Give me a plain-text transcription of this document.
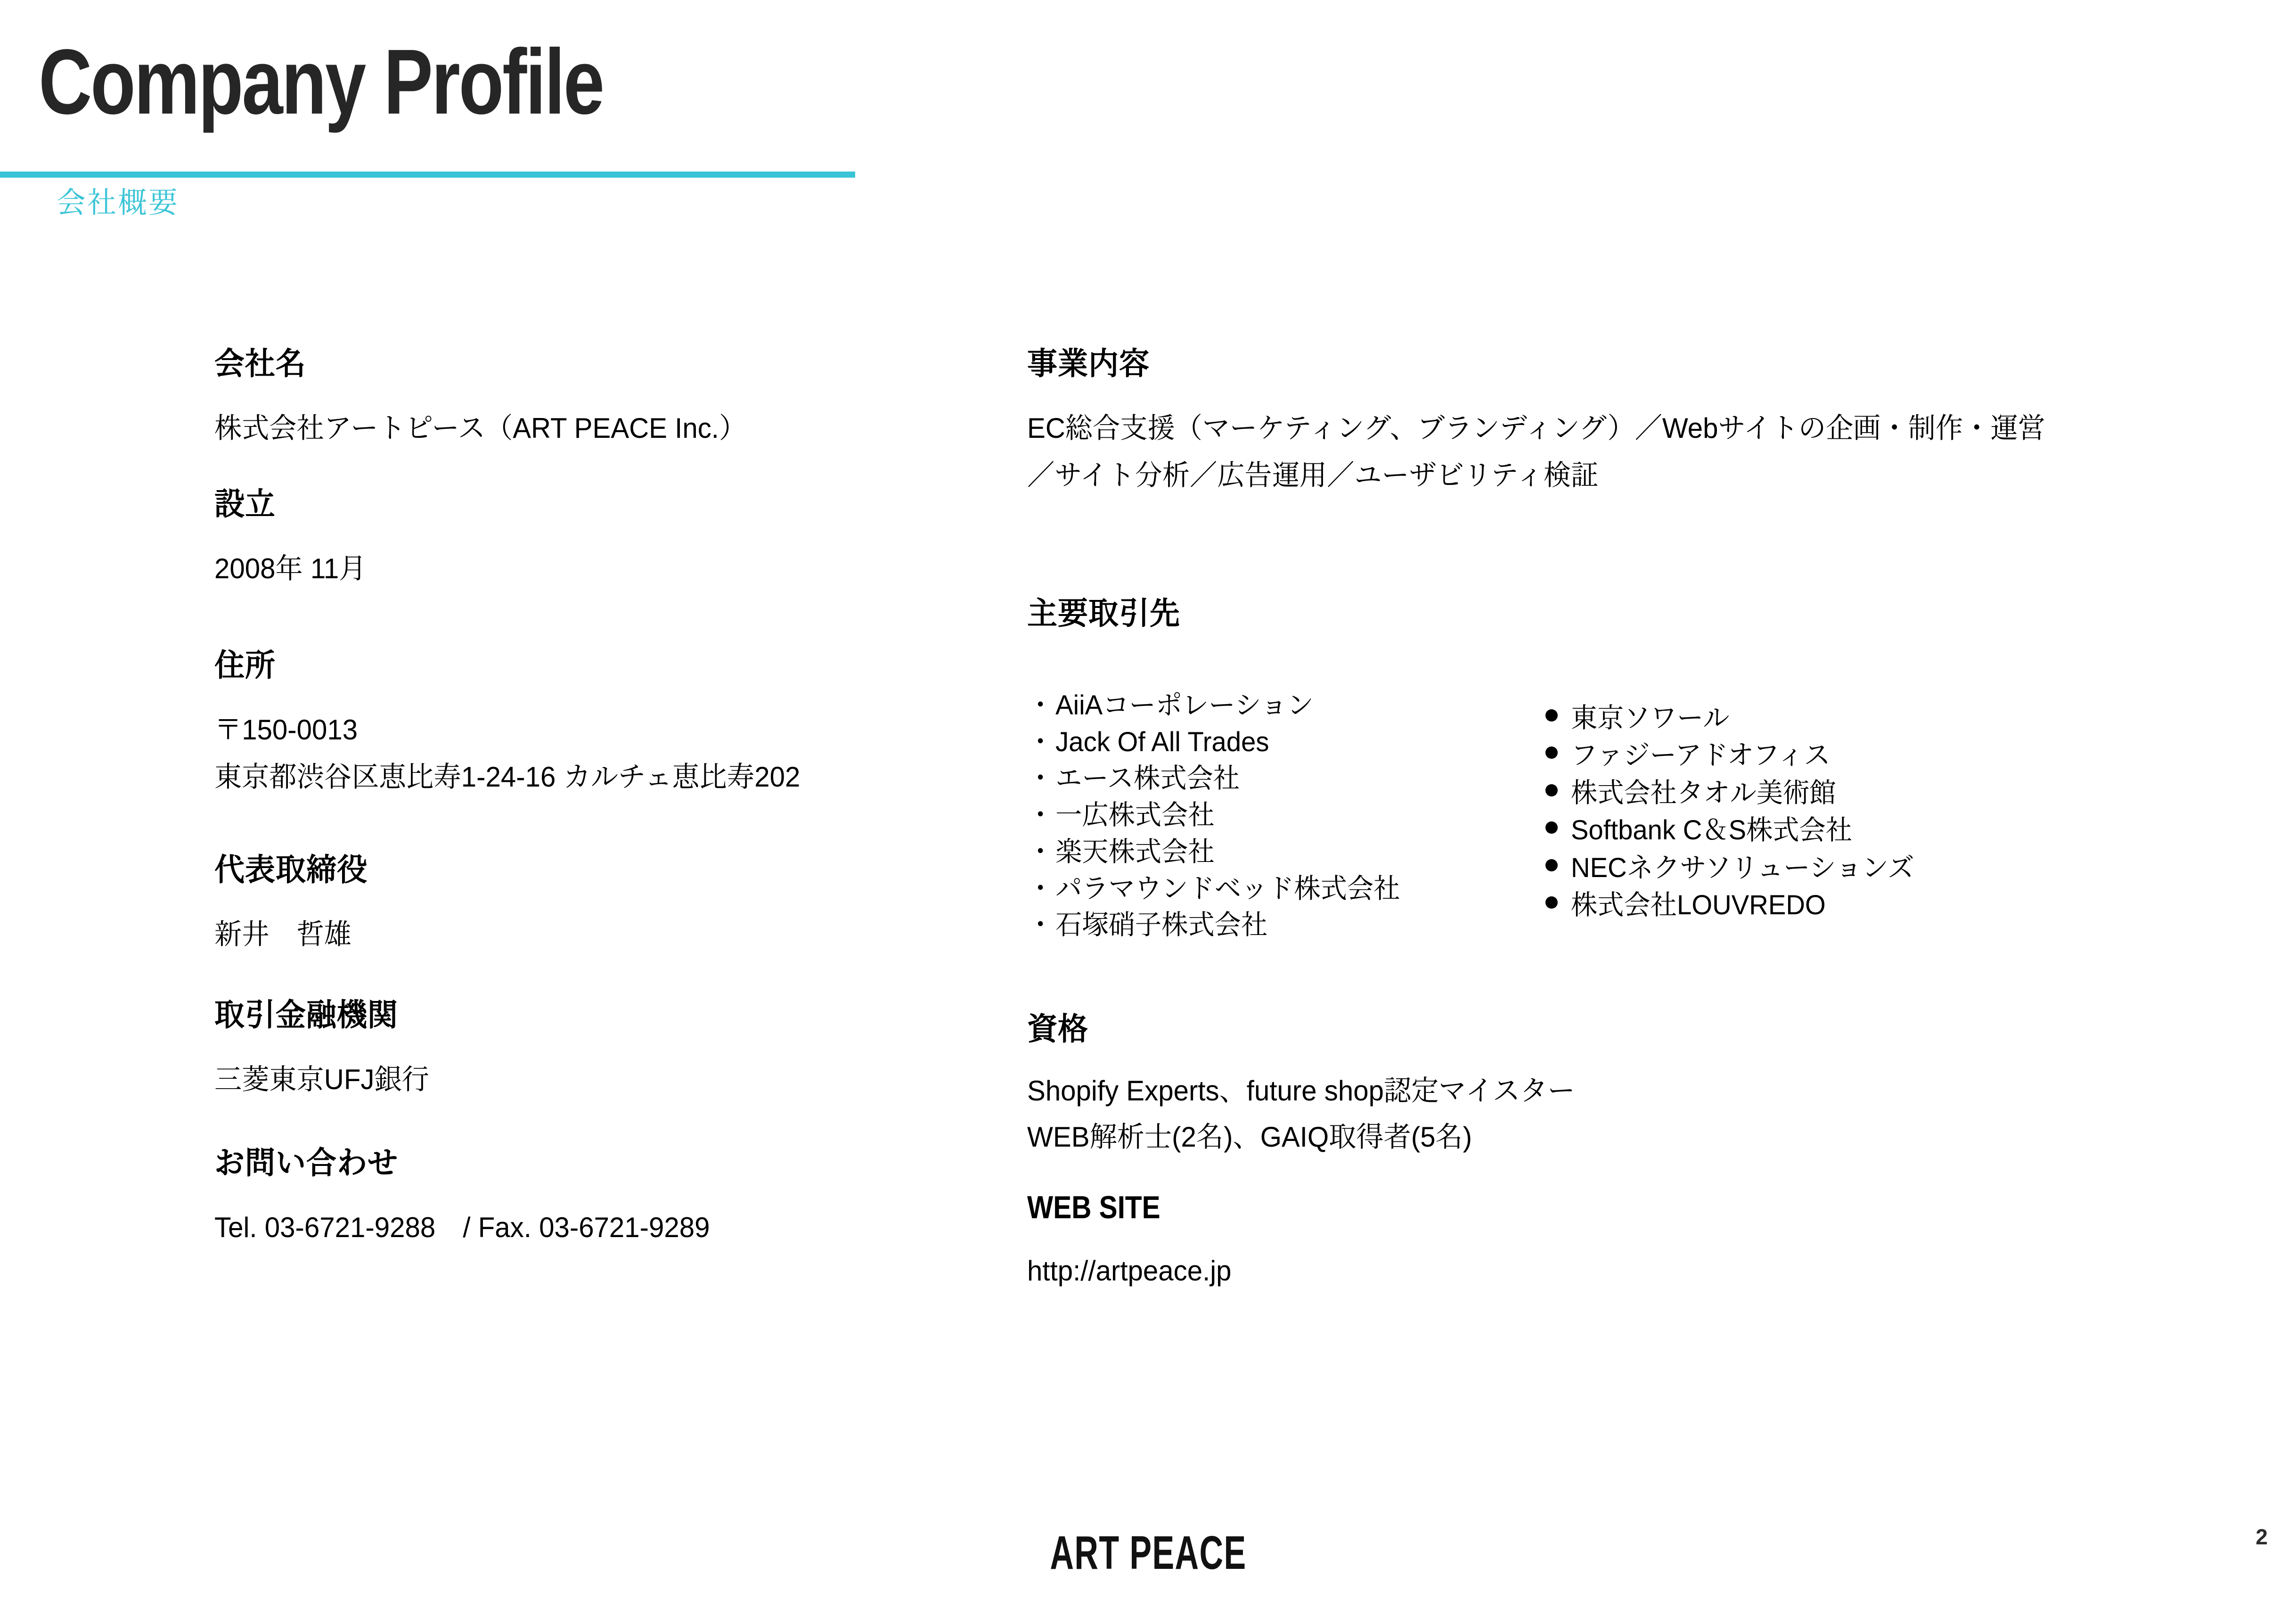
Company Profile
会社概要
会社名
株式会社アートピース（ART PEACE Inc.）
設立
2008年 11月
住所
〒150-0013
東京都渋谷区恵比寿1-24-16 カルチェ恵比寿202
代表取締役
新井　哲雄
取引金融機関
三菱東京UFJ銀行
お問い合わせ
Tel. 03-6721-9288　/ Fax. 03-6721-9289
事業内容
EC総合支援（マーケティング、ブランディング）／Webサイトの企画・制作・運営
／サイト分析／広告運用／ユーザビリティ検証
主要取引先
・AiiAコーポレーション
・Jack Of All Trades
・エース株式会社
・一広株式会社
・楽天株式会社
・パラマウンドベッド株式会社
・石塚硝子株式会社
東京ソワール
ファジーアドオフィス
株式会社タオル美術館
Softbank C＆S株式会社
NECネクサソリューションズ
株式会社LOUVREDO
資格
Shopify Experts、future shop認定マイスター
WEB解析士(2名)、GAIQ取得者(5名)
WEB SITE
http://artpeace.jp
ART PEACE	2
